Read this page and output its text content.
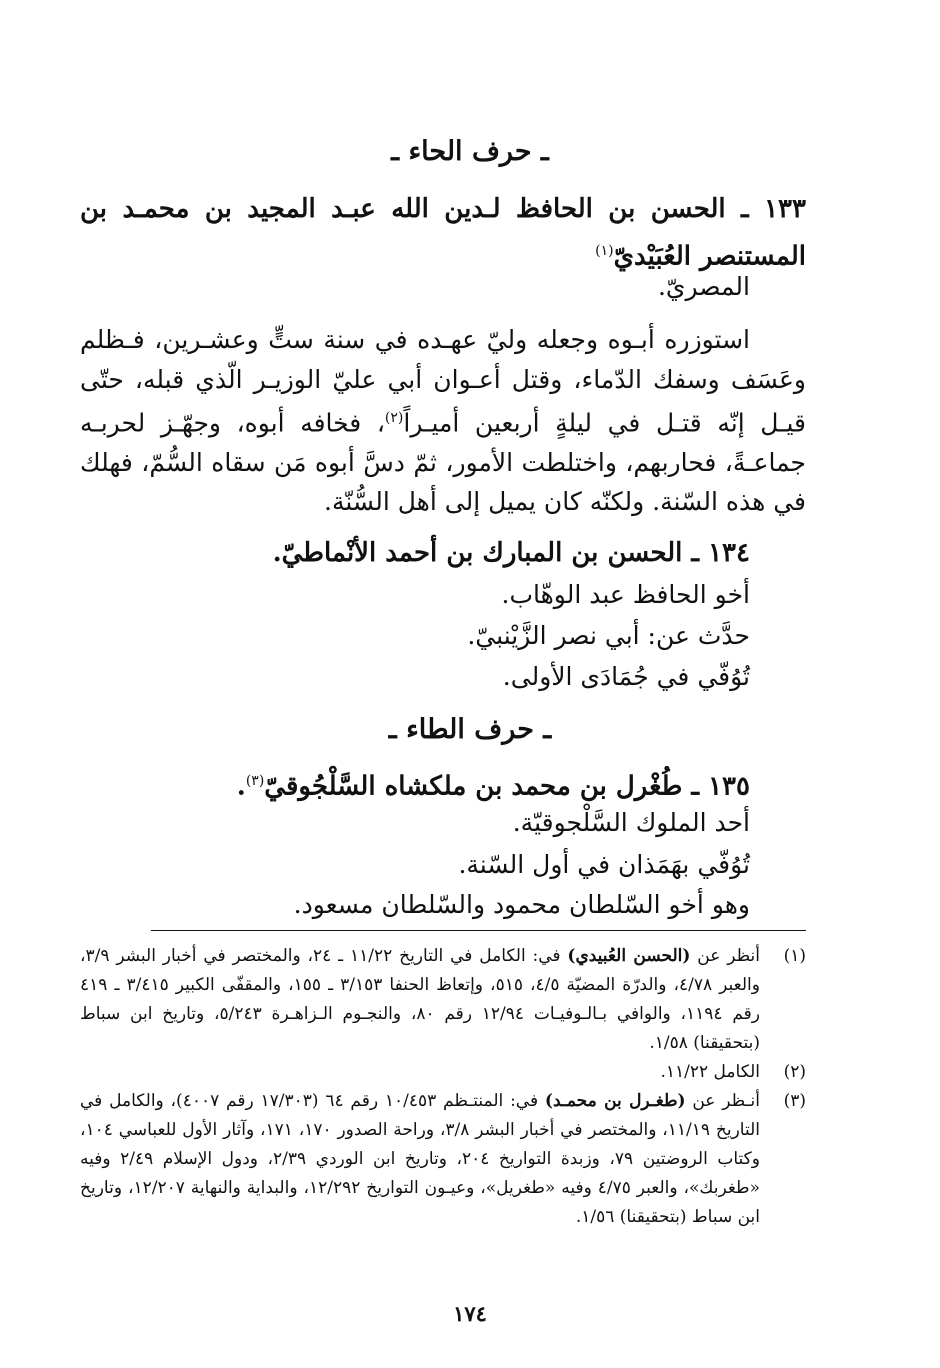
ـ حرف الحاء ـ
١٣٣ ـ الحسن بن الحافظ لـدين الله عبـد المجيد بن محمـد بن المستنصر العُبَيْديّ$^{(١)}$
المصريّ.

استوزره أبـوه وجعله وليّ عهـده في سنة ستٍّ وعشـرين، فـظلم وعَسَف وسفك الدّماء، وقتل أعـوان أبي عليّ الوزيـر الّذي قبله، حتّى قيـل إنّه قتـل في ليلةٍ أربعين أميـراً$^{(٢)}$، فخافه أبوه، وجهّـز لحربـه جماعـةً، فحاربهم، واختلطت الأمور، ثمّ دسَّ أبوه مَن سقاه السُّمّ، فهلك في هذه السّنة. ولكنّه كان يميل إلى أهل السُّنّة.

١٣٤ ـ الحسن بن المبارك بن أحمد الأنْماطيّ.
أخو الحافظ عبد الوهّاب.
حدَّث عن: أبي نصر الزَّيْنبيّ.
تُوُفّي في جُمَادَى الأولى.
ـ حرف الطاء ـ
١٣٥ ـ طُغْرل بن محمد بن ملكشاه السَّلْجُوقيّ$^{(٣)}$.
أحد الملوك السَّلْجوقيّة.
تُوُفّي بهَمَذان في أول السّنة.
وهو أخو السّلطان محمود والسّلطان مسعود.
(١)
أنظر عن (الحسن العُبيدي) في: الكامل في التاريخ ١١/٢٢ ـ ٢٤، والمختصر في أخبار البشر ٣/٩، والعبر ٤/٧٨، والدرّة المضيّة ٤/٥، ٥١٥، وإتعاظ الحنفا ٣/١٥٣ ـ ١٥٥، والمقفّى الكبير ٣/٤١٥ ـ ٤١٩ رقم ١١٩٤، والوافي بـالـوفيـات ١٢/٩٤ رقم ٨٠، والنجـوم الـزاهـرة ٥/٢٤٣، وتاريخ ابن سباط (بتحقيقنا) ١/٥٨.
(٢)
الكامل ١١/٢٢.
(٣)
أنـظر عن (طغـرل بن محمـد) في: المنتـظم ١٠/٤٥٣ رقم ٦٤ (١٧/٣٠٣ رقم ٤٠٠٧)، والكامل في التاريخ ١١/١٩، والمختصر في أخبار البشر ٣/٨، وراحة الصدور ١٧٠، ١٧١، وآثار الأول للعباسي ١٠٤، وكتاب الروضتين ٧٩، وزبدة التواريخ ٢٠٤، وتاريخ ابن الوردي ٢/٣٩، ودول الإسلام ٢/٤٩ وفيه «طغربك»، والعبر ٤/٧٥ وفيه «طغريل»، وعيـون التواريخ ١٢/٢٩٢، والبداية والنهاية ١٢/٢٠٧، وتاريخ ابن سباط (بتحقيقنا) ١/٥٦.
١٧٤
